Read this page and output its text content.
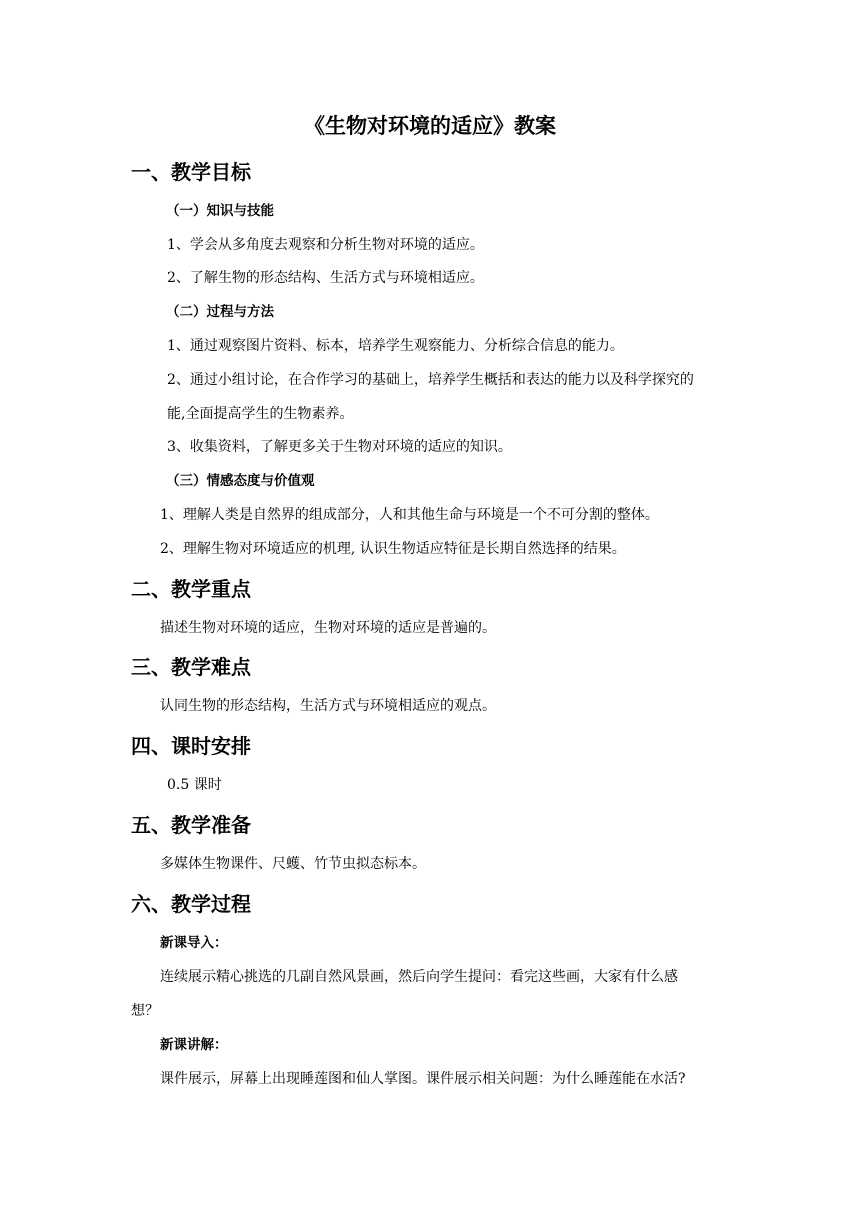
《生物对环境的适应》教案
一、教学目标
（一）知识与技能
1、学会从多角度去观察和分析生物对环境的适应。
2、了解生物的形态结构、生活方式与环境相适应。
（二）过程与方法
1、通过观察图片资料、标本，培养学生观察能力、分析综合信息的能力。
2、通过小组讨论，在合作学习的基础上，培养学生概括和表达的能力以及科学探究的
能,全面提高学生的生物素养。
3、收集资料，了解更多关于生物对环境的适应的知识。
（三）情感态度与价值观
1、理解人类是自然界的组成部分，人和其他生命与环境是一个不可分割的整体。
2、理解生物对环境适应的机理, 认识生物适应特征是长期自然选择的结果。
二、教学重点
描述生物对环境的适应，生物对环境的适应是普遍的。
三、教学难点
认同生物的形态结构，生活方式与环境相适应的观点。
四、课时安排
0.5 课时
五、教学准备
多媒体生物课件、尺蠖、竹节虫拟态标本。
六、教学过程
新课导入：
连续展示精心挑选的几副自然风景画，然后向学生提问：看完这些画，大家有什么感
想？
新课讲解：
课件展示，屏幕上出现睡莲图和仙人掌图。课件展示相关问题：为什么睡莲能在水活?
